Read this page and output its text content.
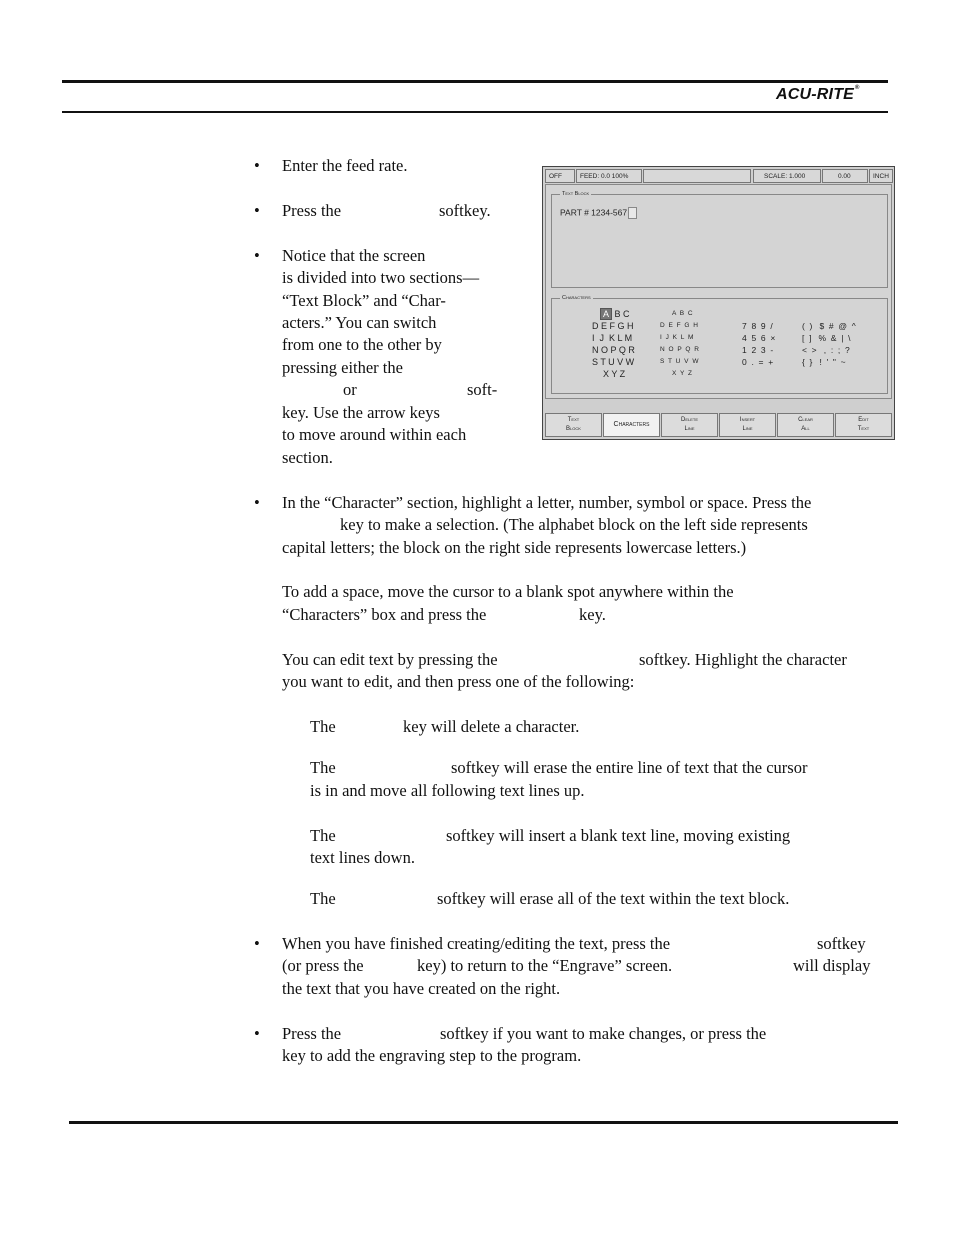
ACU-RITE®
• Enter the feed rate.
• Press the	softkey.
• Notice that the screen
is divided into two sections—
“Text Block” and “Char-
acters.” You can switch
from one to the other by
pressing either the
or	soft-
key. Use the arrow keys
to move around within each
section.
OFF	FEED: 0.0 100%	SCALE: 1.000	0.00	INCH
Text Block
PART # 1234-567
Characters
A B C
D E F G H
I  J  K L M
N O P Q R
S T U V W
X Y Z
A B C
D E F G H
I J K L M
N O P Q R
S T U V W
X Y Z
7  8  9  /
4  5  6  ×
1  2  3  -
0  .  =  +
(  )   $  #  @  ^
[  ]   %  &  |  \
<  >   ,  :  ;  ?
{  }   !  '  "  ~
Text
Block
Characters
Delete
Line
Insert
Line
Clear
All
Edit
Text
• In the “Character” section, highlight a letter, number, symbol or space. Press the
key to make a selection. (The alphabet block on the left side represents
capital letters; the block on the right side represents lowercase letters.)
To add a space, move the cursor to a blank spot anywhere within the
“Characters” box and press the	key.
You can edit text by pressing the	softkey. Highlight the character
you want to edit, and then press one of the following:
The	key will delete a character.
The	softkey will erase the entire line of text that the cursor
is in and move all following text lines up.
The	softkey will insert a blank text line, moving existing
text lines down.
The	softkey will erase all of the text within the text block.
• When you have finished creating/editing the text, press the	softkey
(or press the	key) to return to the “Engrave” screen.	will display
the text that you have created on the right.
• Press the	softkey if you want to make changes, or press the
key to add the engraving step to the program.
